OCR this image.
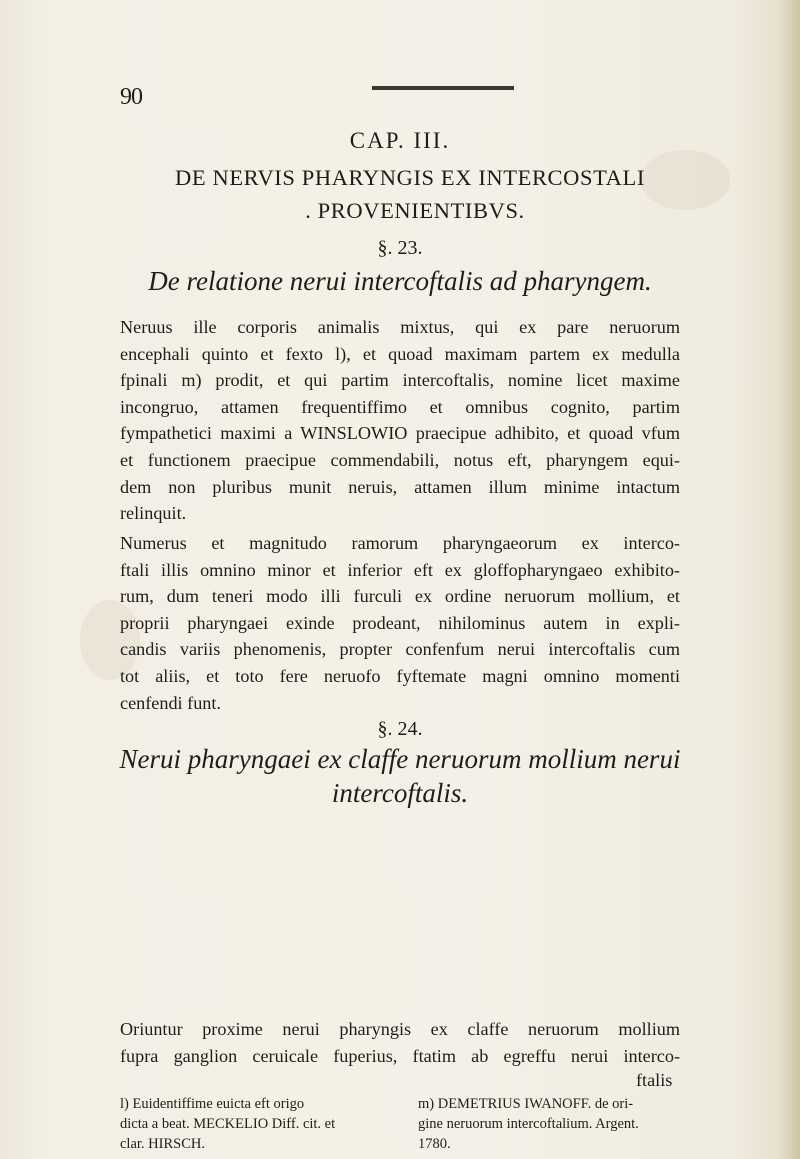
90
CAP. III.
DE NERVIS PHARYNGIS EX INTERCOSTALI
. PROVENIENTIBVS.
§. 23.
De relatione nerui intercoftalis ad pharyngem.
Neruus ille corporis animalis mixtus, qui ex pare neruorum
encephali quinto et fexto l), et quoad maximam partem ex medulla
fpinali m) prodit, et qui partim intercoftalis, nomine licet maxime
incongruo, attamen frequentiffimo et omnibus cognito, partim
fympathetici maximi a WINSLOWIO praecipue adhibito, et quoad vfum
et functionem praecipue commendabili, notus eft, pharyngem equi-
dem non pluribus munit neruis, attamen illum minime intactum
relinquit.
Numerus et magnitudo ramorum pharyngaeorum ex interco-
ftali illis omnino minor et inferior eft ex gloffopharyngaeo exhibito-
rum, dum teneri modo illi furculi ex ordine neruorum mollium, et
proprii pharyngaei exinde prodeant, nihilominus autem in expli-
candis variis phenomenis, propter confenfum nerui intercoftalis cum
tot aliis, et toto fere neruofo fyftemate magni omnino momenti
cenfendi funt.
§. 24.
Nerui pharyngaei ex claffe neruorum mollium nerui
intercoftalis.
Oriuntur proxime nerui pharyngis ex claffe neruorum mollium
fupra ganglion ceruicale fuperius, ftatim ab egreffu nerui interco-
ftalis
l) Euidentiffime euicta eft origo
dicta a beat. MECKELIO Diff. cit. et
clar. HIRSCH.
m) DEMETRIUS IWANOFF. de ori-
gine neruorum intercoftalium. Argent.
1780.
